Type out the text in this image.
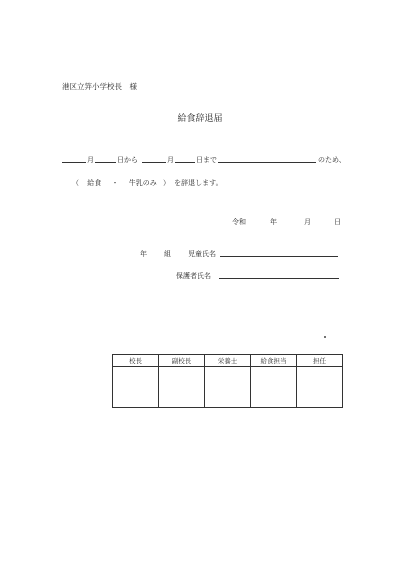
港区立笄小学校長　様
給食辞退届
月	日から	月	日まで	のため、
（ 給食 ・ 牛乳のみ ） を辞退します。
令和	年	月	日
年 組 児童氏名
保護者氏名
校長	副校長	栄養士	給食担当	担任
